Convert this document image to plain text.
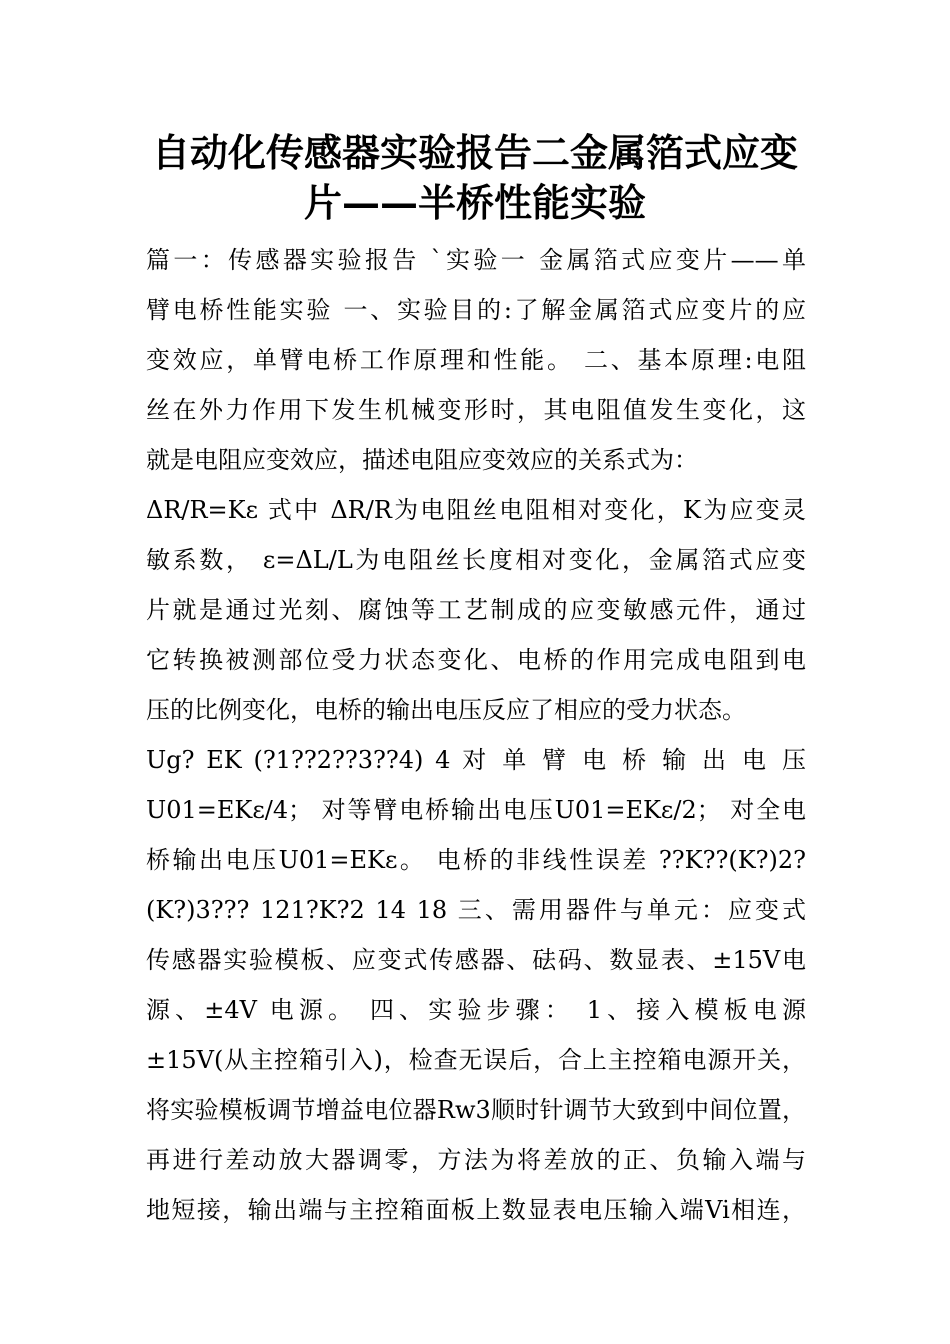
自动化传感器实验报告二金属箔式应变
片——半桥性能实验
篇一：传感器实验报告 `实验一 金属箔式应变片——单
臂电桥性能实验 一、实验目的:了解金属箔式应变片的应
变效应，单臂电桥工作原理和性能。 二、基本原理:电阻
丝在外力作用下发生机械变形时，其电阻值发生变化，这
就是电阻应变效应，描述电阻应变效应的关系式为：
ΔR/R=Kε 式中 ΔR/R为电阻丝电阻相对变化，K为应变灵
敏系数， ε=ΔL/L为电阻丝长度相对变化，金属箔式应变
片就是通过光刻、腐蚀等工艺制成的应变敏感元件，通过
它转换被测部位受力状态变化、电桥的作用完成电阻到电
压的比例变化，电桥的输出电压反应了相应的受力状态。
Ug? EK (?1??2??3??4) 4 对 单 臂 电 桥 输 出 电 压
U01=EKε/4； 对等臂电桥输出电压U01=EKε/2； 对全电
桥输出电压U01=EKε。 电桥的非线性误差 ??K??(K?)2?
(K?)3??? 121?K?2 14 18 三、需用器件与单元：应变式
传感器实验模板、应变式传感器、砝码、数显表、±15V电
源、±4V 电源。 四、实验步骤： 1、接入模板电源
±15V(从主控箱引入)，检查无误后，合上主控箱电源开关，
将实验模板调节增益电位器Rw3顺时针调节大致到中间位置，
再进行差动放大器调零，方法为将差放的正、负输入端与
地短接，输出端与主控箱面板上数显表电压输入端Vi相连，
